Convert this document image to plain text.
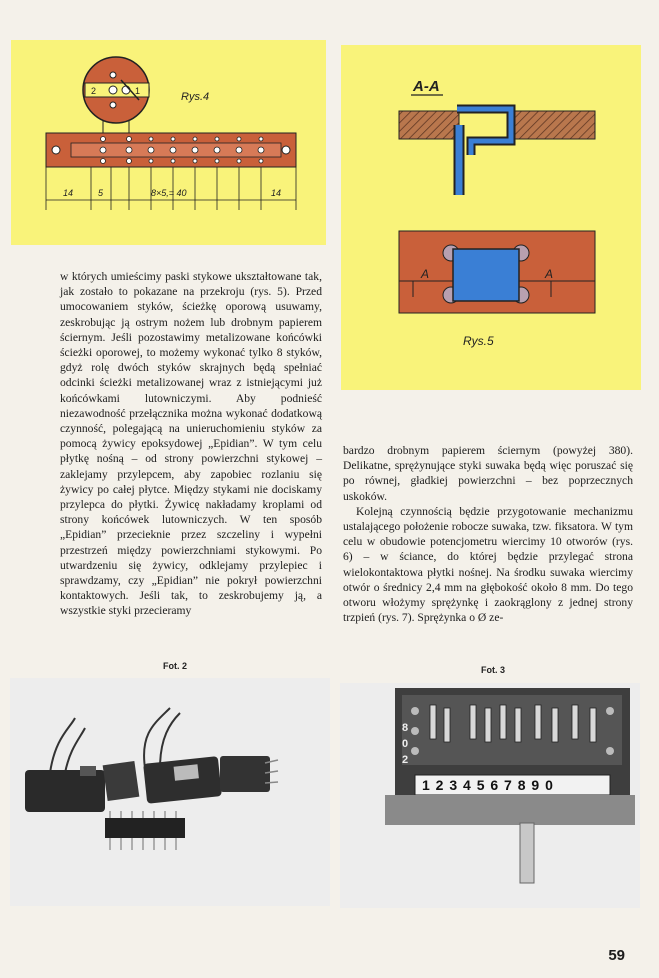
2	1	Rys.4
14	5	8×5,= 40	14
A-A
A	A
Rys.5

w których umieścimy paski stykowe ukształtowane tak, jak zostało to pokazane na przekroju (rys. 5). Przed umocowaniem styków, ścieżkę oporową usuwamy, zeskrobując ją ostrym nożem lub drobnym papierem ściernym. Jeśli pozostawimy metalizowane końcówki ścieżki oporowej, to możemy wykonać tylko 8 styków, gdyż rolę dwóch styków skrajnych będą spełniać odcinki ścieżki metalizowanej wraz z istniejącymi już końcówkami lutowniczymi. Aby podnieść niezawodność przełącznika można wykonać dodatkową czynność, polegającą na unieruchomieniu styków za pomocą żywicy epoksydowej „Epidian”. W tym celu płytkę nośną – od strony powierzchni stykowej – zaklejamy przylepcem, aby zapobiec rozlaniu się żywicy po całej płytce. Między stykami nie dociskamy przylepca do płytki. Żywicę nakładamy kroplami od strony końcówek lutowniczych. W ten sposób „Epidian” przecieknie przez szczeliny i wypełni przestrzeń między powierzchniami stykowymi. Po utwardzeniu się żywicy, odklejamy przylepiec i sprawdzamy, czy „Epidian” nie pokrył powierzchni kontaktowych. Jeśli tak, to zeskrobujemy ją, a wszystkie styki przecieramy

bardzo drobnym papierem ściernym (powyżej 380). Delikatne, sprężynujące styki suwaka będą więc poruszać się po równej, gładkiej powierzchni – bez poprzecznych uskoków.

Kolejną czynnością będzie przygotowanie mechanizmu ustalającego położenie robocze suwaka, tzw. fiksatora. W tym celu w obudowie potencjometru wiercimy 10 otworów (rys. 6) – w ściance, do której będzie przylegać strona wielokontaktowa płytki nośnej. Na środku suwaka wiercimy otwór o średnicy 2,4 mm na głębokość około 8 mm. Do tego otworu włożymy sprężynkę i zaokrąglony z jednej strony trzpień (rys. 7). Sprężynka o Ø ze-

Fot. 2	Fot. 3
8
0
2
1 2 3 4 5 6 7 8 9 0
59
